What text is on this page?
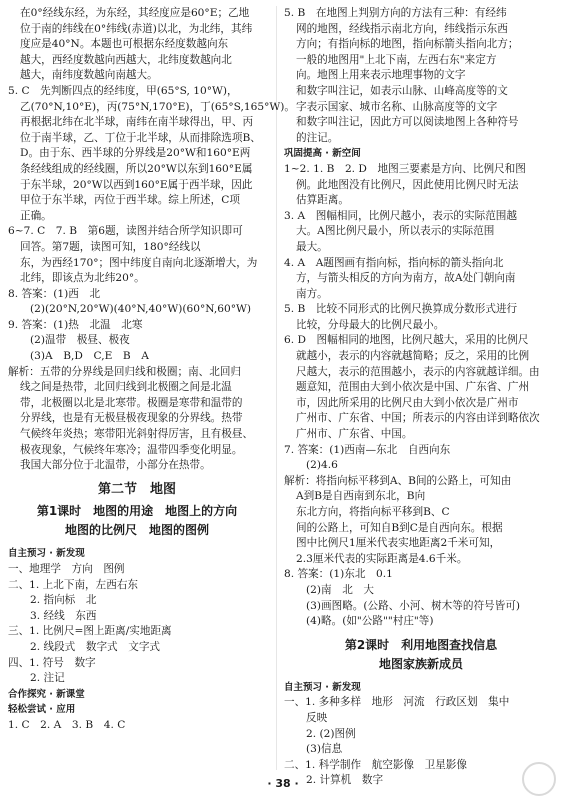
在0°经线东经，为东经，其经度应是60°E；乙地
位于南的纬线在0°纬线(赤道)以北，为北纬，其纬
度应是40°N。本题也可根据东经度数越向东
越大，西经度数越向西越大，北纬度数越向北
越大，南纬度数越向南越大。
5. C　先判断四点的经纬度，甲(65°S, 10°W)，
乙(70°N,10°E)，丙(75°N,170°E)，丁(65°S,165°W)。
再根据北纬在北半球，南纬在南半球得出，甲、丙
位于南半球，乙、丁位于北半球，从而排除选项B、
D。由于东、西半球的分界线是20°W和160°E两
条经线组成的经线圈，所以20°W以东到160°E属
于东半球，20°W以西到160°E属于西半球，因此
甲位于东半球，丙位于西半球。综上所述，C项
正确。
6~7. C　7. B　第6题，读图并结合所学知识即可
回答。第7题，读图可知，180°经线以
东，为西经170°；图中纬度自南向北逐渐增大，为
北纬，即该点为北纬20°。
8. 答案：(1)西　北
(2)(20°N,20°W)(40°N,40°W)(60°N,60°W)
9. 答案：(1)热　北温　北寒
(2)温带　极昼、极夜
(3)A　B,D　C,E　B　A
解析：五带的分界线是回归线和极圈；南、北回归
线之间是热带，北回归线到北极圈之间是北温
带，北极圈以北是北寒带。极圈是寒带和温带的
分界线，也是有无极昼极夜现象的分界线。热带
气候终年炎热；寒带阳光斜射得厉害，且有极昼、
极夜现象，气候终年寒冷；温带四季变化明显。
我国大部分位于北温带，小部分在热带。
第二节　地图
第1课时　地图的用途　地图上的方向
地图的比例尺　地图的图例
自主预习 · 新发现
一、地理学　方向　图例
二、1. 上北下南，左西右东
2. 指向标　北
3. 经线　东西
三、1. 比例尺=图上距离/实地距离
2. 线段式　数字式　文字式
四、1. 符号　数字
2. 注记
合作探究 · 新课堂
轻松尝试 · 应用
1. C　2. A　3. B　4. C
5. B　在地图上判别方向的方法有三种：有经纬
网的地图，经线指示南北方向，纬线指示东西
方向；有指向标的地图，指向标箭头指向北方；
一般的地图用"上北下南，左西右东"来定方
向。地图上用来表示地理事物的文字
和数字叫注记，如表示山脉、山峰高度等的文
字表示国家、城市名称、山脉高度等的文字
和数字叫注记，因此方可以阅读地图上各种符号
的注记。
巩固提高 · 新空间
1~2. 1. B　2. D　地图三要素是方向、比例尺和图
例。此地图没有比例尺，因此使用比例尺时无法
估算距离。
3. A　图幅相同，比例尺越小，表示的实际范围越
大。A图比例尺最小，所以表示的实际范围
最大。
4. A　A题图画有指向标，指向标的箭头指向北
方，与箭头相反的方向为南方，故A处门朝向南
南方。
5. B　比较不同形式的比例尺换算成分数形式进行
比较，分母最大的比例尺最小。
6. D　图幅相同的地图，比例尺越大，采用的比例尺
就越小，表示的内容就越简略；反之，采用的比例
尺越大，表示的范围越小，表示的内容就越详细。由
题意知，范围由大到小依次是中国、广东省、广州
市，因此所采用的比例尺由大到小依次是广州市
广州市、广东省、中国；所表示的内容由详到略依次
广州市、广东省、中国。
7. 答案：(1)西南—东北　自西向东
(2)4.6
解析：将指向标平移到A、B间的公路上，可知由
A到B是自西南到东北，B向
东北方向，将指向标平移到B、C
间的公路上，可知自B到C是自西向东。根据
图中比例尺1厘米代表实地距离2千米可知，
2.3厘米代表的实际距离是4.6千米。
8. 答案：(1)东北　0.1
(2)南　北　大
(3)画图略。(公路、小河、树木等的符号皆可)
(4)略。(如"公路""村庄"等)
第2课时　利用地图查找信息
地图家族新成员
自主预习 · 新发现
一、1. 多种多样　地形　河流　行政区划　集中
反映
2. (2)图例
(3)信息
二、1. 科学制作　航空影像　卫星影像
2. 计算机　数字
· 38 ·
